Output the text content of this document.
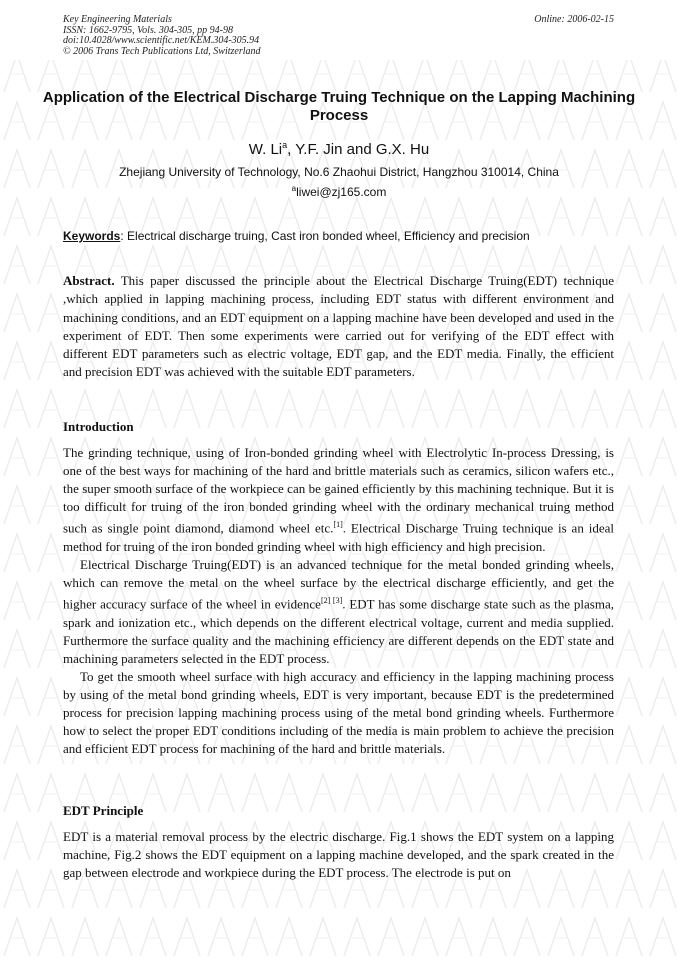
Key Engineering Materials
ISSN: 1662-9795, Vols. 304-305, pp 94-98
doi:10.4028/www.scientific.net/KEM.304-305.94
© 2006 Trans Tech Publications Ltd, Switzerland
Online: 2006-02-15
Application of the Electrical Discharge Truing Technique on the Lapping Machining Process
W. Li$^a$, Y.F. Jin and G.X. Hu
Zhejiang University of Technology, No.6 Zhaohui District, Hangzhou 310014, China
$^a$liwei@zj165.com
Keywords: Electrical discharge truing, Cast iron bonded wheel, Efficiency and precision

Abstract. This paper discussed the principle about the Electrical Discharge Truing(EDT) technique ,which applied in lapping machining process, including EDT status with different environment and machining conditions, and an EDT equipment on a lapping machine have been developed and used in the experiment of EDT. Then some experiments were carried out for verifying of the EDT effect with different EDT parameters such as electric voltage, EDT gap, and the EDT media. Finally, the efficient and precision EDT was achieved with the suitable EDT parameters.

Introduction

The grinding technique, using of Iron-bonded grinding wheel with Electrolytic In-process Dressing, is one of the best ways for machining of the hard and brittle materials such as ceramics, silicon wafers etc., the super smooth surface of the workpiece can be gained efficiently by this machining technique. But it is too difficult for truing of the iron bonded grinding wheel with the ordinary mechanical truing method such as single point diamond, diamond wheel etc.[1]. Electrical Discharge Truing technique is an ideal method for truing of the iron bonded grinding wheel with high efficiency and high precision.

Electrical Discharge Truing(EDT) is an advanced technique for the metal bonded grinding wheels, which can remove the metal on the wheel surface by the electrical discharge efficiently, and get the higher accuracy surface of the wheel in evidence[2] [3]. EDT has some discharge state such as the plasma, spark and ionization etc., which depends on the different electrical voltage, current and media supplied. Furthermore the surface quality and the machining efficiency are different depends on the EDT state and machining parameters selected in the EDT process.

To get the smooth wheel surface with high accuracy and efficiency in the lapping machining process by using of the metal bond grinding wheels, EDT is very important, because EDT is the predetermined process for precision lapping machining process using of the metal bond grinding wheels. Furthermore how to select the proper EDT conditions including of the media is main problem to achieve the precision and efficient EDT process for machining of the hard and brittle materials.

EDT Principle

EDT is a material removal process by the electric discharge. Fig.1 shows the EDT system on a lapping machine, Fig.2 shows the EDT equipment on a lapping machine developed, and the spark created in the gap between electrode and workpiece during the EDT process. The electrode is put on
